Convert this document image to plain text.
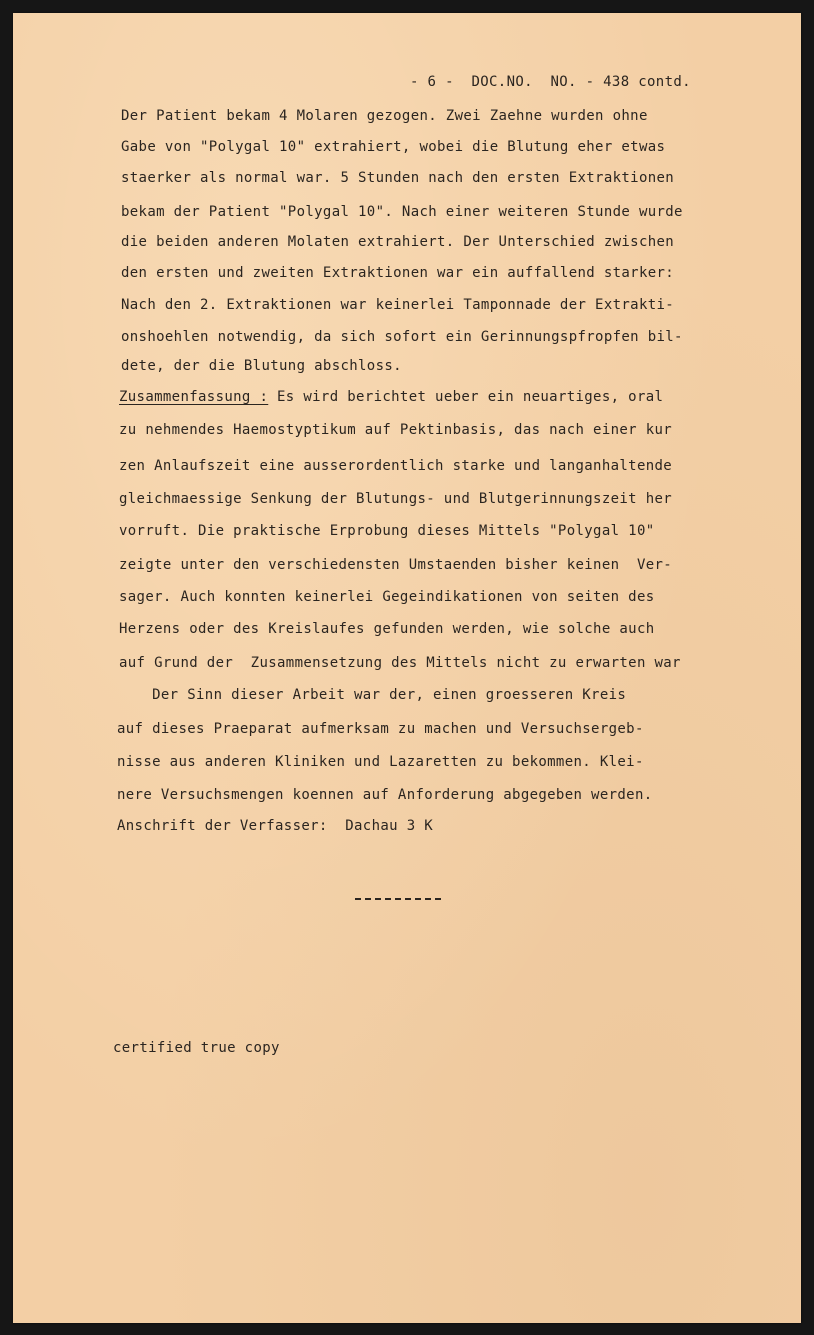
- 6 -  DOC.NO.  NO. - 438 contd.
Der Patient bekam 4 Molaren gezogen. Zwei Zaehne wurden ohne
Gabe von "Polygal 10" extrahiert, wobei die Blutung eher etwas
staerker als normal war. 5 Stunden nach den ersten Extraktionen
bekam der Patient "Polygal 10". Nach einer weiteren Stunde wurde
die beiden anderen Molaten extrahiert. Der Unterschied zwischen
den ersten und zweiten Extraktionen war ein auffallend starker:
Nach den 2. Extraktionen war keinerlei Tamponnade der Extrakti-
onshoehlen notwendig, da sich sofort ein Gerinnungspfropfen bil-
dete, der die Blutung abschloss.
Zusammenfassung : Es wird berichtet ueber ein neuartiges, oral
zu nehmendes Haemostyptikum auf Pektinbasis, das nach einer kur
zen Anlaufszeit eine ausserordentlich starke und langanhaltende
gleichmaessige Senkung der Blutungs- und Blutgerinnungszeit her
vorruft. Die praktische Erprobung dieses Mittels "Polygal 10"
zeigte unter den verschiedensten Umstaenden bisher keinen  Ver-
sager. Auch konnten keinerlei Gegeindikationen von seiten des
Herzens oder des Kreislaufes gefunden werden, wie solche auch
auf Grund der  Zusammensetzung des Mittels nicht zu erwarten war
Der Sinn dieser Arbeit war der, einen groesseren Kreis
auf dieses Praeparat aufmerksam zu machen und Versuchsergeb-
nisse aus anderen Kliniken und Lazaretten zu bekommen. Klei-
nere Versuchsmengen koennen auf Anforderung abgegeben werden.
Anschrift der Verfasser:  Dachau 3 K
certified true copy
